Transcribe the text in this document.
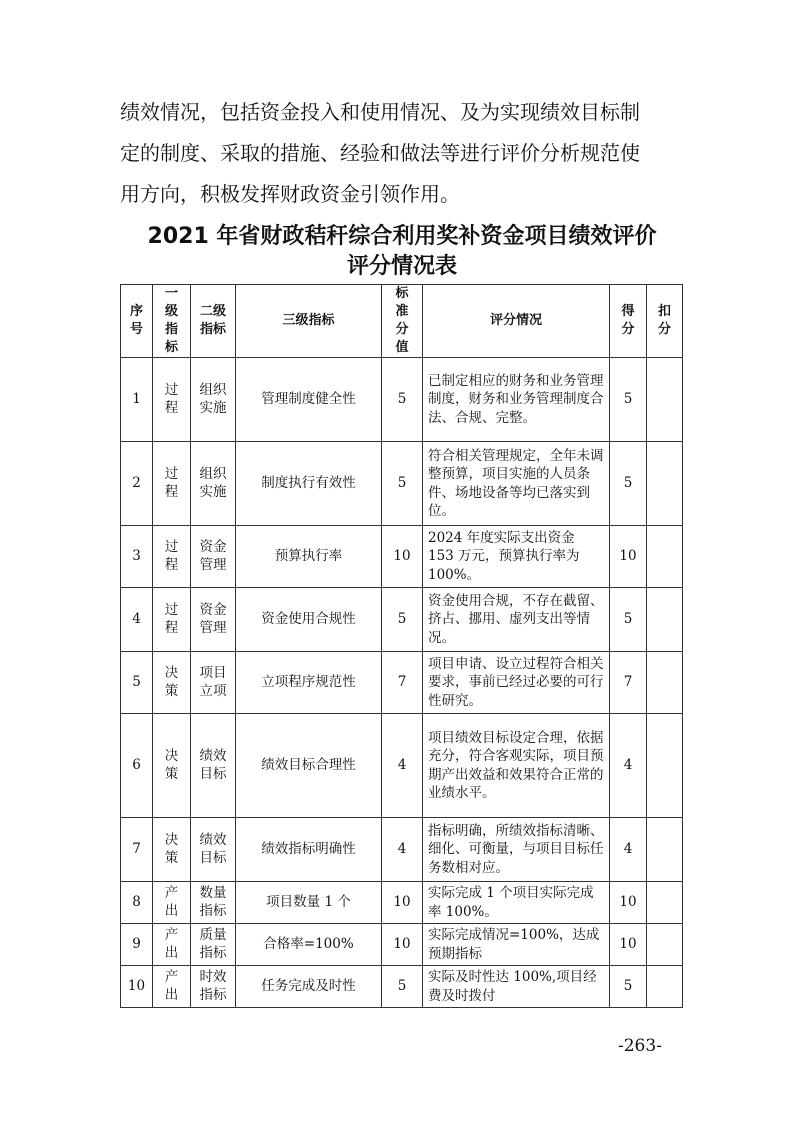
绩效情况，包括资金投入和使用情况、及为实现绩效目标制
定的制度、采取的措施、经验和做法等进行评价分析规范使
用方向，积极发挥财政资金引领作用。
2021 年省财政秸秆综合利用奖补资金项目绩效评价
评分情况表
序号	一级指标	二级指标	三级指标	标准分值	评分情况	得分	扣分
1	过程	组织实施	管理制度健全性	5	已制定相应的财务和业务管理制度，财务和业务管理制度合法、合规、完整。	5	
2	过程	组织实施	制度执行有效性	5	符合相关管理规定，全年未调整预算，项目实施的人员条件、场地设备等均已落实到位。	5	
3	过程	资金管理	预算执行率	10	2024 年度实际支出资金 153 万元，预算执行率为 100%。	10	
4	过程	资金管理	资金使用合规性	5	资金使用合规，不存在截留、挤占、挪用、虚列支出等情况。	5	
5	决策	项目立项	立项程序规范性	7	项目申请、设立过程符合相关要求，事前已经过必要的可行性研究。	7	
6	决策	绩效目标	绩效目标合理性	4	项目绩效目标设定合理，依据充分，符合客观实际，项目预期产出效益和效果符合正常的业绩水平。	4	
7	决策	绩效目标	绩效指标明确性	4	指标明确，所绩效指标清晰、细化、可衡量，与项目目标任务数相对应。	4	
8	产出	数量指标	项目数量 1 个	10	实际完成 1 个项目实际完成率 100%。	10	
9	产出	质量指标	合格率=100%	10	实际完成情况=100%，达成预期指标	10	
10	产出	时效指标	任务完成及时性	5	实际及时性达 100%,项目经费及时拨付	5	

-263-
